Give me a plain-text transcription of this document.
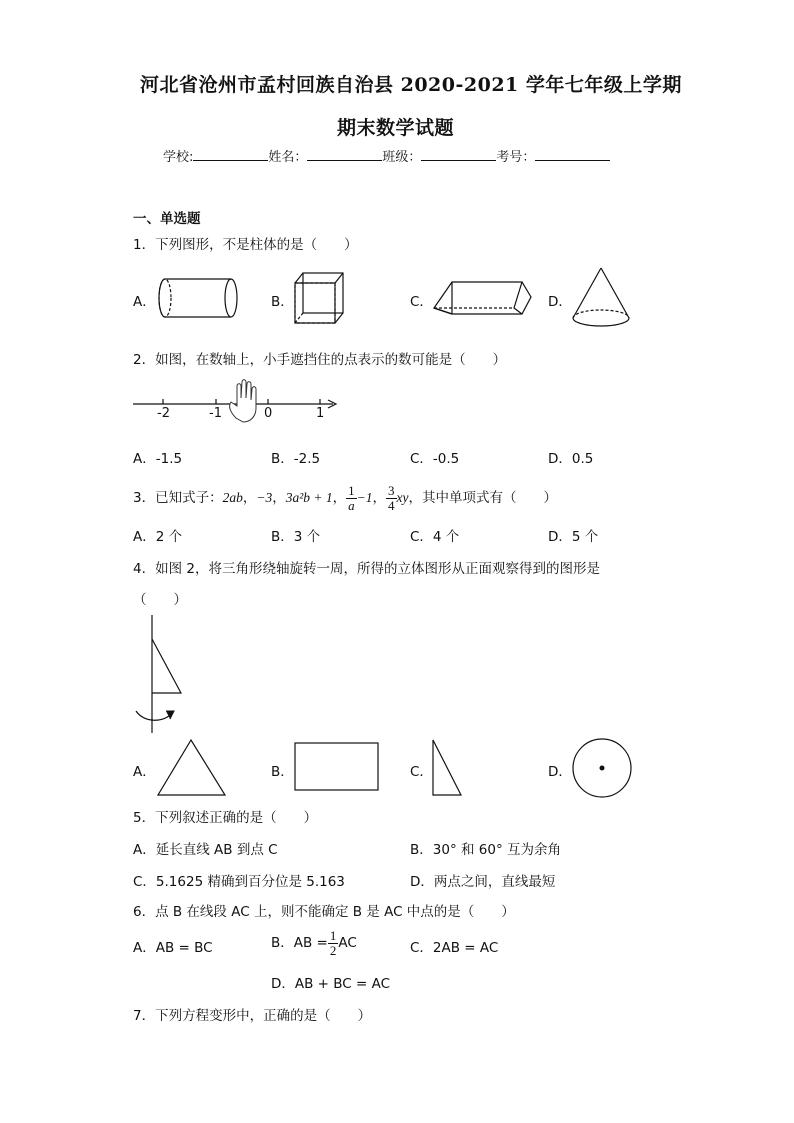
河北省沧州市孟村回族自治县 2020-2021 学年七年级上学期
期末数学试题
学校:	姓名：	班级：	考号：
一、单选题
1．下列图形，不是柱体的是（　　）
A．	B．	C．	D．
2．如图，在数轴上，小手遮挡住的点表示的数可能是（　　）
-2	-1	0	1
A．-1.5	B．-2.5	C．-0.5	D．0.5
3．已知式子：2ab，−3，3a²b + 1， $\frac{1}{a} -1$， $\frac{3}{4}$ xy，其中单项式有（　　）
A．2 个	B．3 个	C．4 个	D．5 个
4．如图 2，将三角形绕轴旋转一周，所得的立体图形从正面观察得到的图形是
（　　）
A．	B．	C．	D．
5．下列叙述正确的是（　　）
A．延长直线 AB 到点 C	B．30° 和 60° 互为余角
C．5.1625 精确到百分位是 5.163	D．两点之间，直线最短
6．点 B 在线段 AC 上，则不能确定 B 是 AC 中点的是（　　）
A．AB = BC	B．AB = $\frac{1}{2}$ AC	C．2AB = AC
D．AB + BC = AC
7．下列方程变形中，正确的是（　　）
